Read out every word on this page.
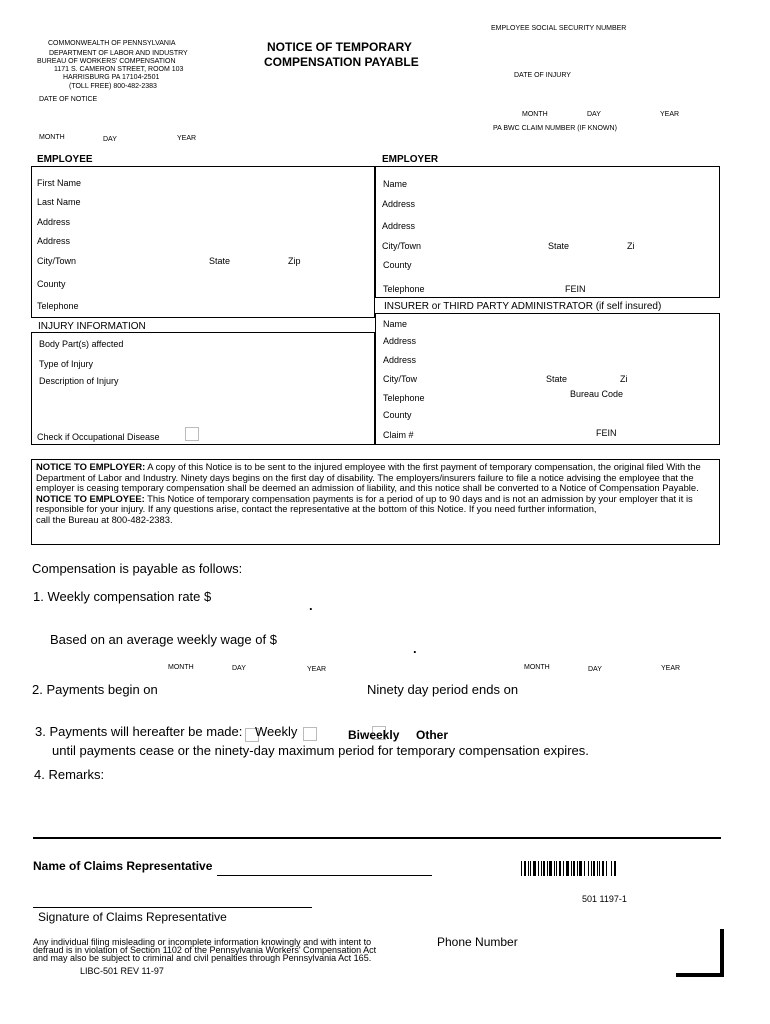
EMPLOYEE SOCIAL SECURITY NUMBER
COMMONWEALTH OF PENNSYLVANIA
DEPARTMENT OF LABOR AND INDUSTRY
BUREAU OF WORKERS' COMPENSATION
1171 S. CAMERON STREET, ROOM 103
HARRISBURG PA 17104-2501
(TOLL FREE) 800-482-2383
NOTICE OF TEMPORARY
COMPENSATION PAYABLE
DATE OF INJURY
DATE OF NOTICE
MONTH	DAY	YEAR
PA BWC CLAIM NUMBER (IF KNOWN)
MONTH	DAY	YEAR
EMPLOYEE
First Name
Last Name
Address
Address
City/Town	State	Zip
County
Telephone
INJURY INFORMATION
Body Part(s) affected
Type of Injury
Description of Injury
Check if Occupational Disease
EMPLOYER
Name
Address
Address
City/Town	State	Zi
County
Telephone	FEIN
INSURER or THIRD PARTY ADMINISTRATOR (if self insured)
Name
Address
Address
City/Tow	State	Zi
Telephone	Bureau Code
County
Claim #	FEIN

NOTICE TO EMPLOYER: A copy of this Notice is to be sent to the injured employee with the first payment of temporary compensation, the original filed With the Department of Labor and Industry. Ninety days begins on the first day of disability. The employers/insurers failure to file a notice advising the employee that the employer is ceasing temporary compensation shall be deemed an admission of liability, and this notice shall be converted to a Notice of Compensation Payable.

NOTICE TO EMPLOYEE: This Notice of temporary compensation payments is for a period of up to 90 days and is not an admission by your employer that it is responsible for your injury. If any questions arise, contact the representative at the bottom of this Notice. If you need further information,

call the Bureau at 800-482-2383.

Compensation is payable as follows:
1. Weekly compensation rate $
.
Based on an average weekly wage of $
.
MONTH	DAY	YEAR	MONTH	DAY	YEAR
2. Payments begin on	Ninety day period ends on
3. Payments will hereafter be made: Weekly	Biweekly Other
until payments cease or the ninety-day maximum period for temporary compensation expires.
4. Remarks:
Name of Claims Representative
501 1197-1
Signature of Claims Representative
Phone Number
Any individual filing misleading or incomplete information knowingly and with intent to
defraud is in violation of Section 1102 of the Pennsylvania Workers' Compensation Act
and may also be subject to criminal and civil penalties through Pennsylvania Act 165.
LIBC-501 REV 11-97
